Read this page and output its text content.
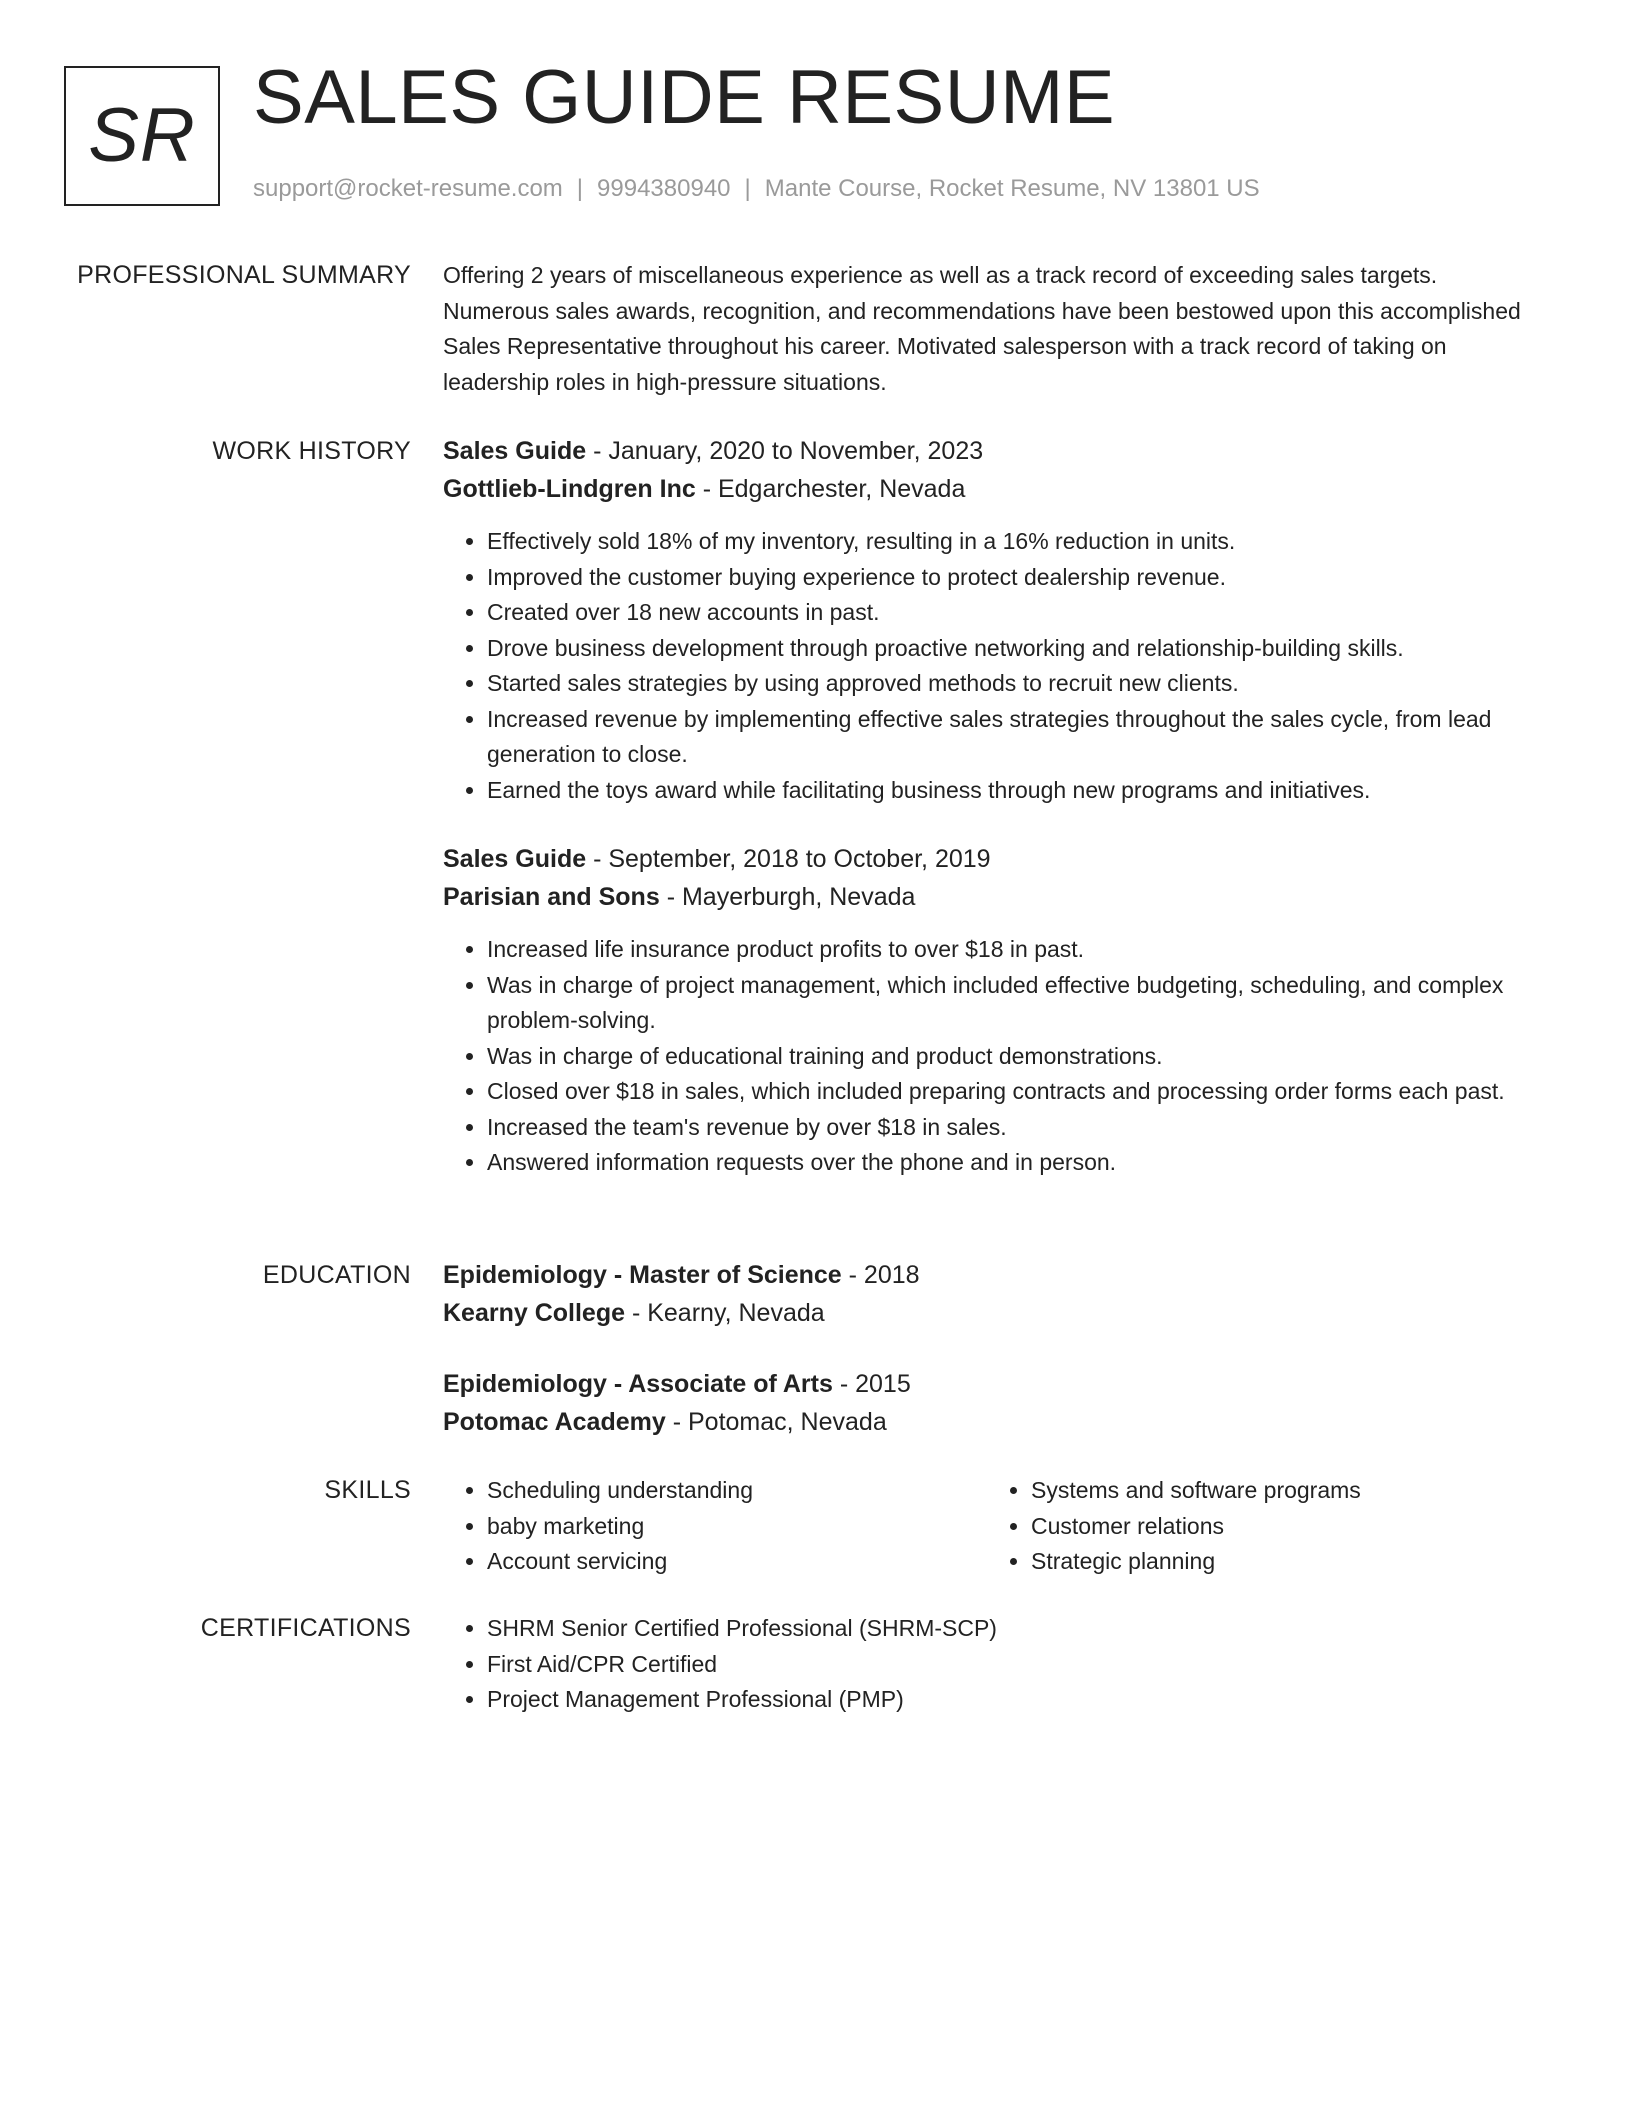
SR SALES GUIDE RESUME
support@rocket-resume.com | 9994380940 | Mante Course, Rocket Resume, NV 13801 US
PROFESSIONAL SUMMARY Offering 2 years of miscellaneous experience as well as a track record of exceeding sales targets. Numerous sales awards, recognition, and recommendations have been bestowed upon this accomplished Sales Representative throughout his career. Motivated salesperson with a track record of taking on leadership roles in high-pressure situations.

WORK HISTORY Sales Guide - January, 2020 to November, 2023
Gottlieb-Lindgren Inc - Edgarchester, Nevada
• Effectively sold 18% of my inventory, resulting in a 16% reduction in units.
• Improved the customer buying experience to protect dealership revenue.
• Created over 18 new accounts in past.
• Drove business development through proactive networking and relationship-building skills.
• Started sales strategies by using approved methods to recruit new clients.
• Increased revenue by implementing effective sales strategies throughout the sales cycle, from lead generation to close.
• Earned the toys award while facilitating business through new programs and initiatives.
Sales Guide - September, 2018 to October, 2019
Parisian and Sons - Mayerburgh, Nevada
• Increased life insurance product profits to over $18 in past.
• Was in charge of project management, which included effective budgeting, scheduling, and complex problem-solving.
• Was in charge of educational training and product demonstrations.
• Closed over $18 in sales, which included preparing contracts and processing order forms each past.
• Increased the team's revenue by over $18 in sales.
• Answered information requests over the phone and in person.
EDUCATION Epidemiology - Master of Science - 2018
Kearny College - Kearny, Nevada
Epidemiology - Associate of Arts - 2015
Potomac Academy - Potomac, Nevada
SKILLS	• Scheduling understanding
• baby marketing
• Account servicing
• Systems and software programs
• Customer relations
• Strategic planning
CERTIFICATIONS	• SHRM Senior Certified Professional (SHRM-SCP)
• First Aid/CPR Certified
• Project Management Professional (PMP)
